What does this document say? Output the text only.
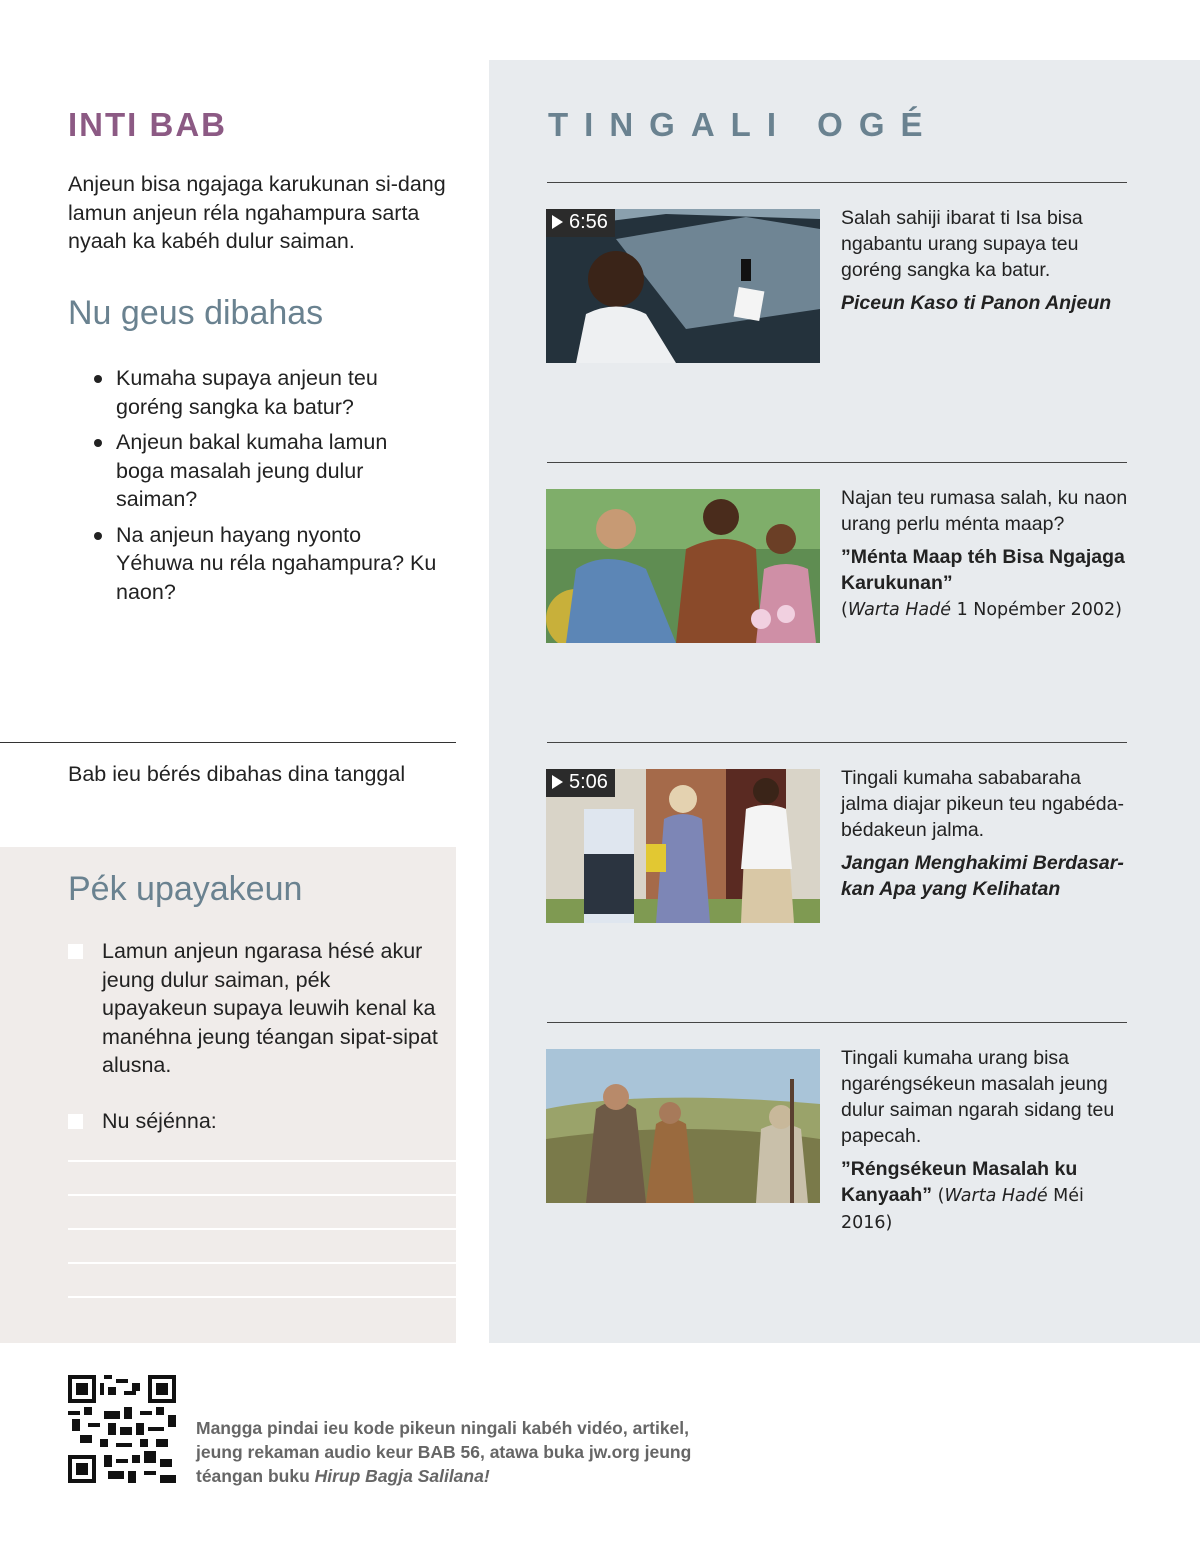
INTI BAB
Anjeun bisa ngajaga karukunan si-dang lamun anjeun réla ngahampura sarta nyaah ka kabéh dulur saiman.
Nu geus dibahas
Kumaha supaya anjeun teu goréng sangka ka batur?
Anjeun bakal kumaha lamun boga masalah jeung dulur saiman?
Na anjeun hayang nyonto Yéhuwa nu réla ngahampura? Ku naon?
Bab ieu bérés dibahas dina tanggal
Pék upayakeun
Lamun anjeun ngarasa hésé akur jeung dulur saiman, pék upayakeun supaya leuwih kenal ka manéhna jeung téangan sipat-sipat alusna.
Nu séjénna:
TINGALI OGÉ
6:56	Salah sahiji ibarat ti Isa bisa ngabantu urang supaya teu goréng sangka ka batur.
Piceun Kaso ti Panon Anjeun
Najan teu rumasa salah, ku naon urang perlu ménta maap?
”Ménta Maap téh Bisa Ngajaga Karukunan”
(Warta Hadé 1 Nopémber 2002)
5:06	Tingali kumaha sababaraha jalma diajar pikeun teu ngabéda-bédakeun jalma.
Jangan Menghakimi Berdasar-kan Apa yang Kelihatan
Tingali kumaha urang bisa ngaréngsékeun masalah jeung dulur saiman ngarah sidang teu papecah.
”Réngsékeun Masalah ku Kanyaah” (Warta Hadé Méi 2016)
Mangga pindai ieu kode pikeun ningali kabéh vidéo, artikel, jeung rekaman audio keur BAB 56, atawa buka jw.org jeung téangan buku Hirup Bagja Salilana!
